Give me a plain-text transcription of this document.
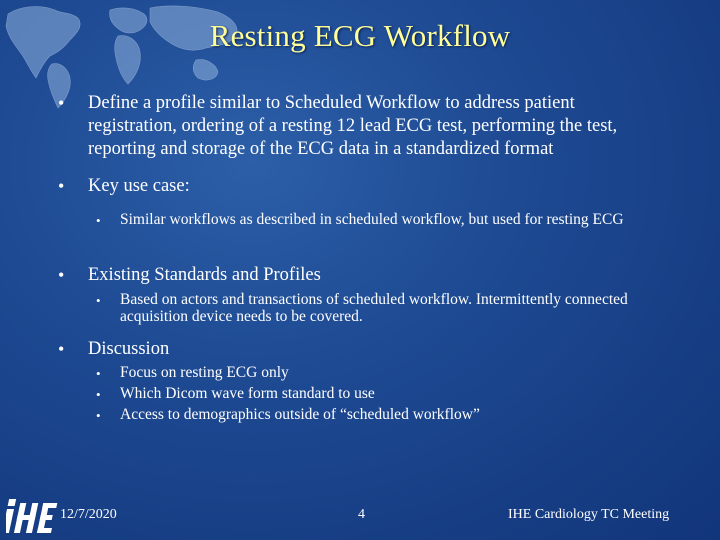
Resting ECG Workflow
• Define a profile similar to Scheduled Workflow to address patient registration, ordering of a resting 12 lead ECG test, performing the test, reporting and storage of the ECG data in a standardized format
• Key use case:
• Similar workflows as described in scheduled workflow, but used for resting ECG
• Existing Standards and Profiles
• Based on actors and transactions of scheduled workflow. Intermittently connected acquisition device needs to be covered.
• Discussion
• Focus on resting ECG only
• Which Dicom wave form standard to use
• Access to demographics outside of “scheduled workflow”
12/7/2020	4	IHE Cardiology TC Meeting
